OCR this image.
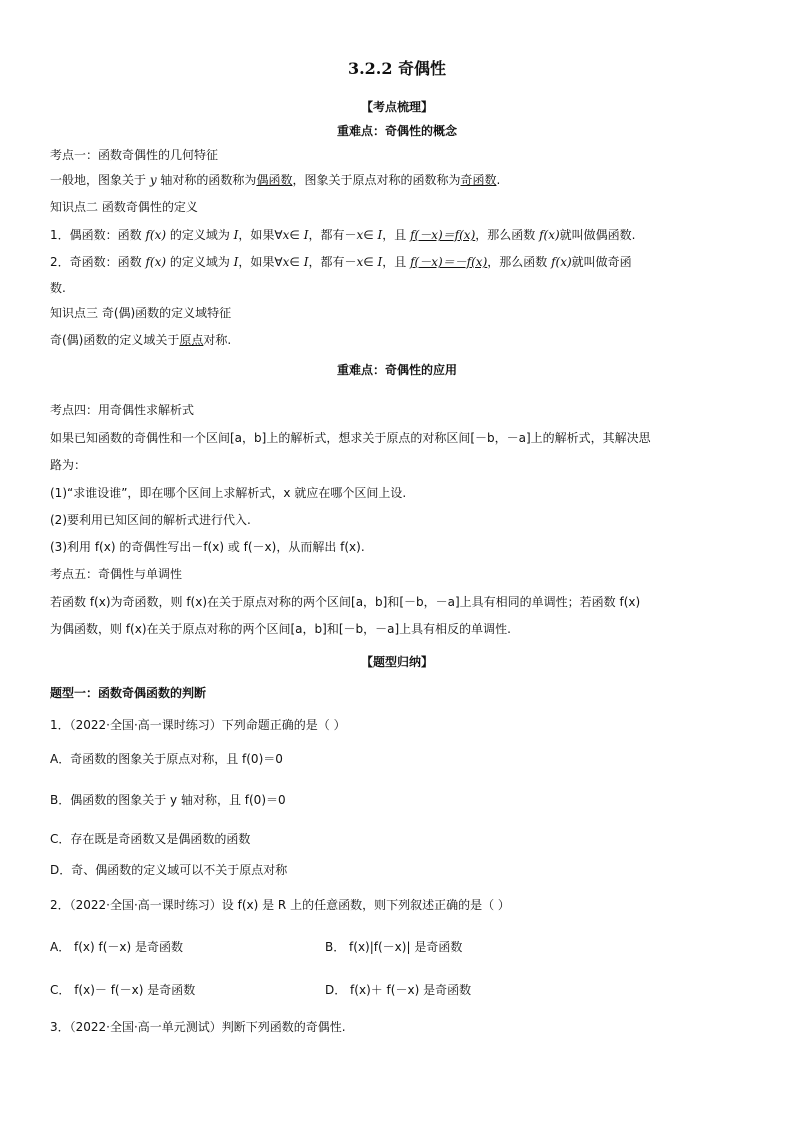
3.2.2 奇偶性
【考点梳理】
重难点：奇偶性的概念
考点一：函数奇偶性的几何特征
一般地，图象关于 y 轴对称的函数称为偶函数，图象关于原点对称的函数称为奇函数.
知识点二 函数奇偶性的定义
1．偶函数：函数 f(x) 的定义域为 I，如果∀x∈ I，都有－x∈ I，且 f(－x)＝f(x)，那么函数 f(x)就叫做偶函数.
2．奇函数：函数 f(x) 的定义域为 I，如果∀x∈ I，都有－x∈ I，且 f(－x)＝－f(x)，那么函数 f(x)就叫做奇函
数.
知识点三 奇(偶)函数的定义域特征
奇(偶)函数的定义域关于原点对称.
重难点：奇偶性的应用
考点四：用奇偶性求解析式
如果已知函数的奇偶性和一个区间[a，b]上的解析式，想求关于原点的对称区间[－b，－a]上的解析式，其解决思
路为：
(1)“求谁设谁”，即在哪个区间上求解析式，x 就应在哪个区间上设.
(2)要利用已知区间的解析式进行代入.
(3)利用 f(x) 的奇偶性写出－f(x) 或 f(－x)，从而解出 f(x).
考点五：奇偶性与单调性
若函数 f(x)为奇函数，则 f(x)在关于原点对称的两个区间[a，b]和[－b，－a]上具有相同的单调性；若函数 f(x)
为偶函数，则 f(x)在关于原点对称的两个区间[a，b]和[－b，－a]上具有相反的单调性.
【题型归纳】
题型一：函数奇偶函数的判断
1．（2022·全国·高一课时练习）下列命题正确的是（ ）
A．奇函数的图象关于原点对称，且 f(0)＝0
B．偶函数的图象关于 y 轴对称，且 f(0)＝0
C．存在既是奇函数又是偶函数的函数
D．奇、偶函数的定义域可以不关于原点对称
2．（2022·全国·高一课时练习）设 f(x) 是 R 上的任意函数，则下列叙述正确的是（ ）
A． f(x) f(－x) 是奇函数	B． f(x)|f(－x)| 是奇函数
C． f(x)－ f(－x) 是奇函数	D． f(x)＋ f(－x) 是奇函数
3．（2022·全国·高一单元测试）判断下列函数的奇偶性.
